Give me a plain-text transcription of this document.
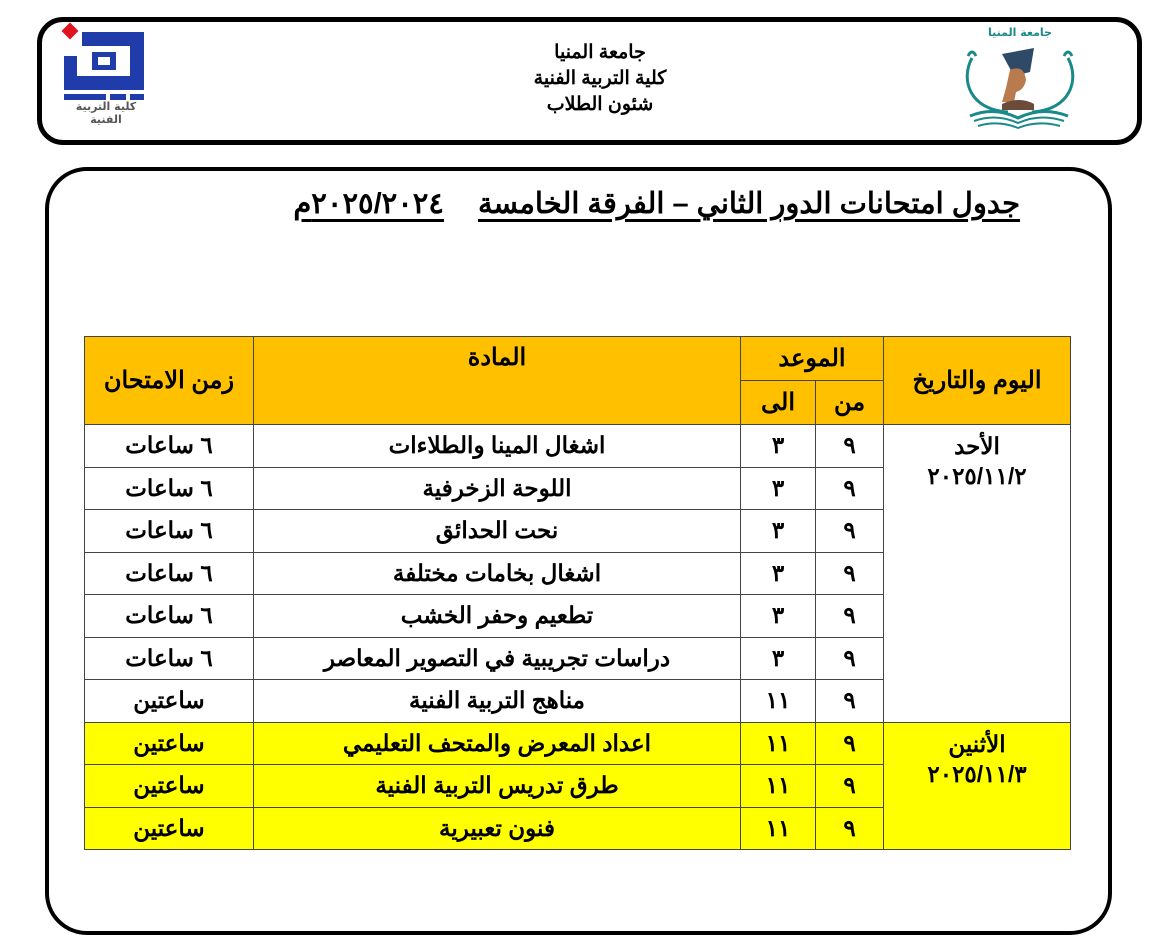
كلية التربية الفنية
جامعة المنيا
كلية التربية الفنية
شئون الطلاب
جامعة المنيا
جدول امتحانات الدور الثاني – الفرقة الخامسة٢٠٢٥/٢٠٢٤م
اليوم والتاريخ	الموعد		المادة	زمن الامتحان
	من	الى		

الأحد
٢٠٢٥/١١/٢	٩	٣	اشغال المينا والطلاءات	٦ ساعات
	٩	٣	اللوحة الزخرفية	٦ ساعات
	٩	٣	نحت الحدائق	٦ ساعات
	٩	٣	اشغال بخامات مختلفة	٦ ساعات
	٩	٣	تطعيم وحفر الخشب	٦ ساعات
	٩	٣	دراسات تجريبية في التصوير المعاصر	٦ ساعات
	٩	١١	مناهج التربية الفنية	ساعتين

الأثنين
٢٠٢٥/١١/٣	٩	١١	اعداد المعرض والمتحف التعليمي	ساعتين
	٩	١١	طرق تدريس التربية الفنية	ساعتين
	٩	١١	فنون تعبيرية	ساعتين
